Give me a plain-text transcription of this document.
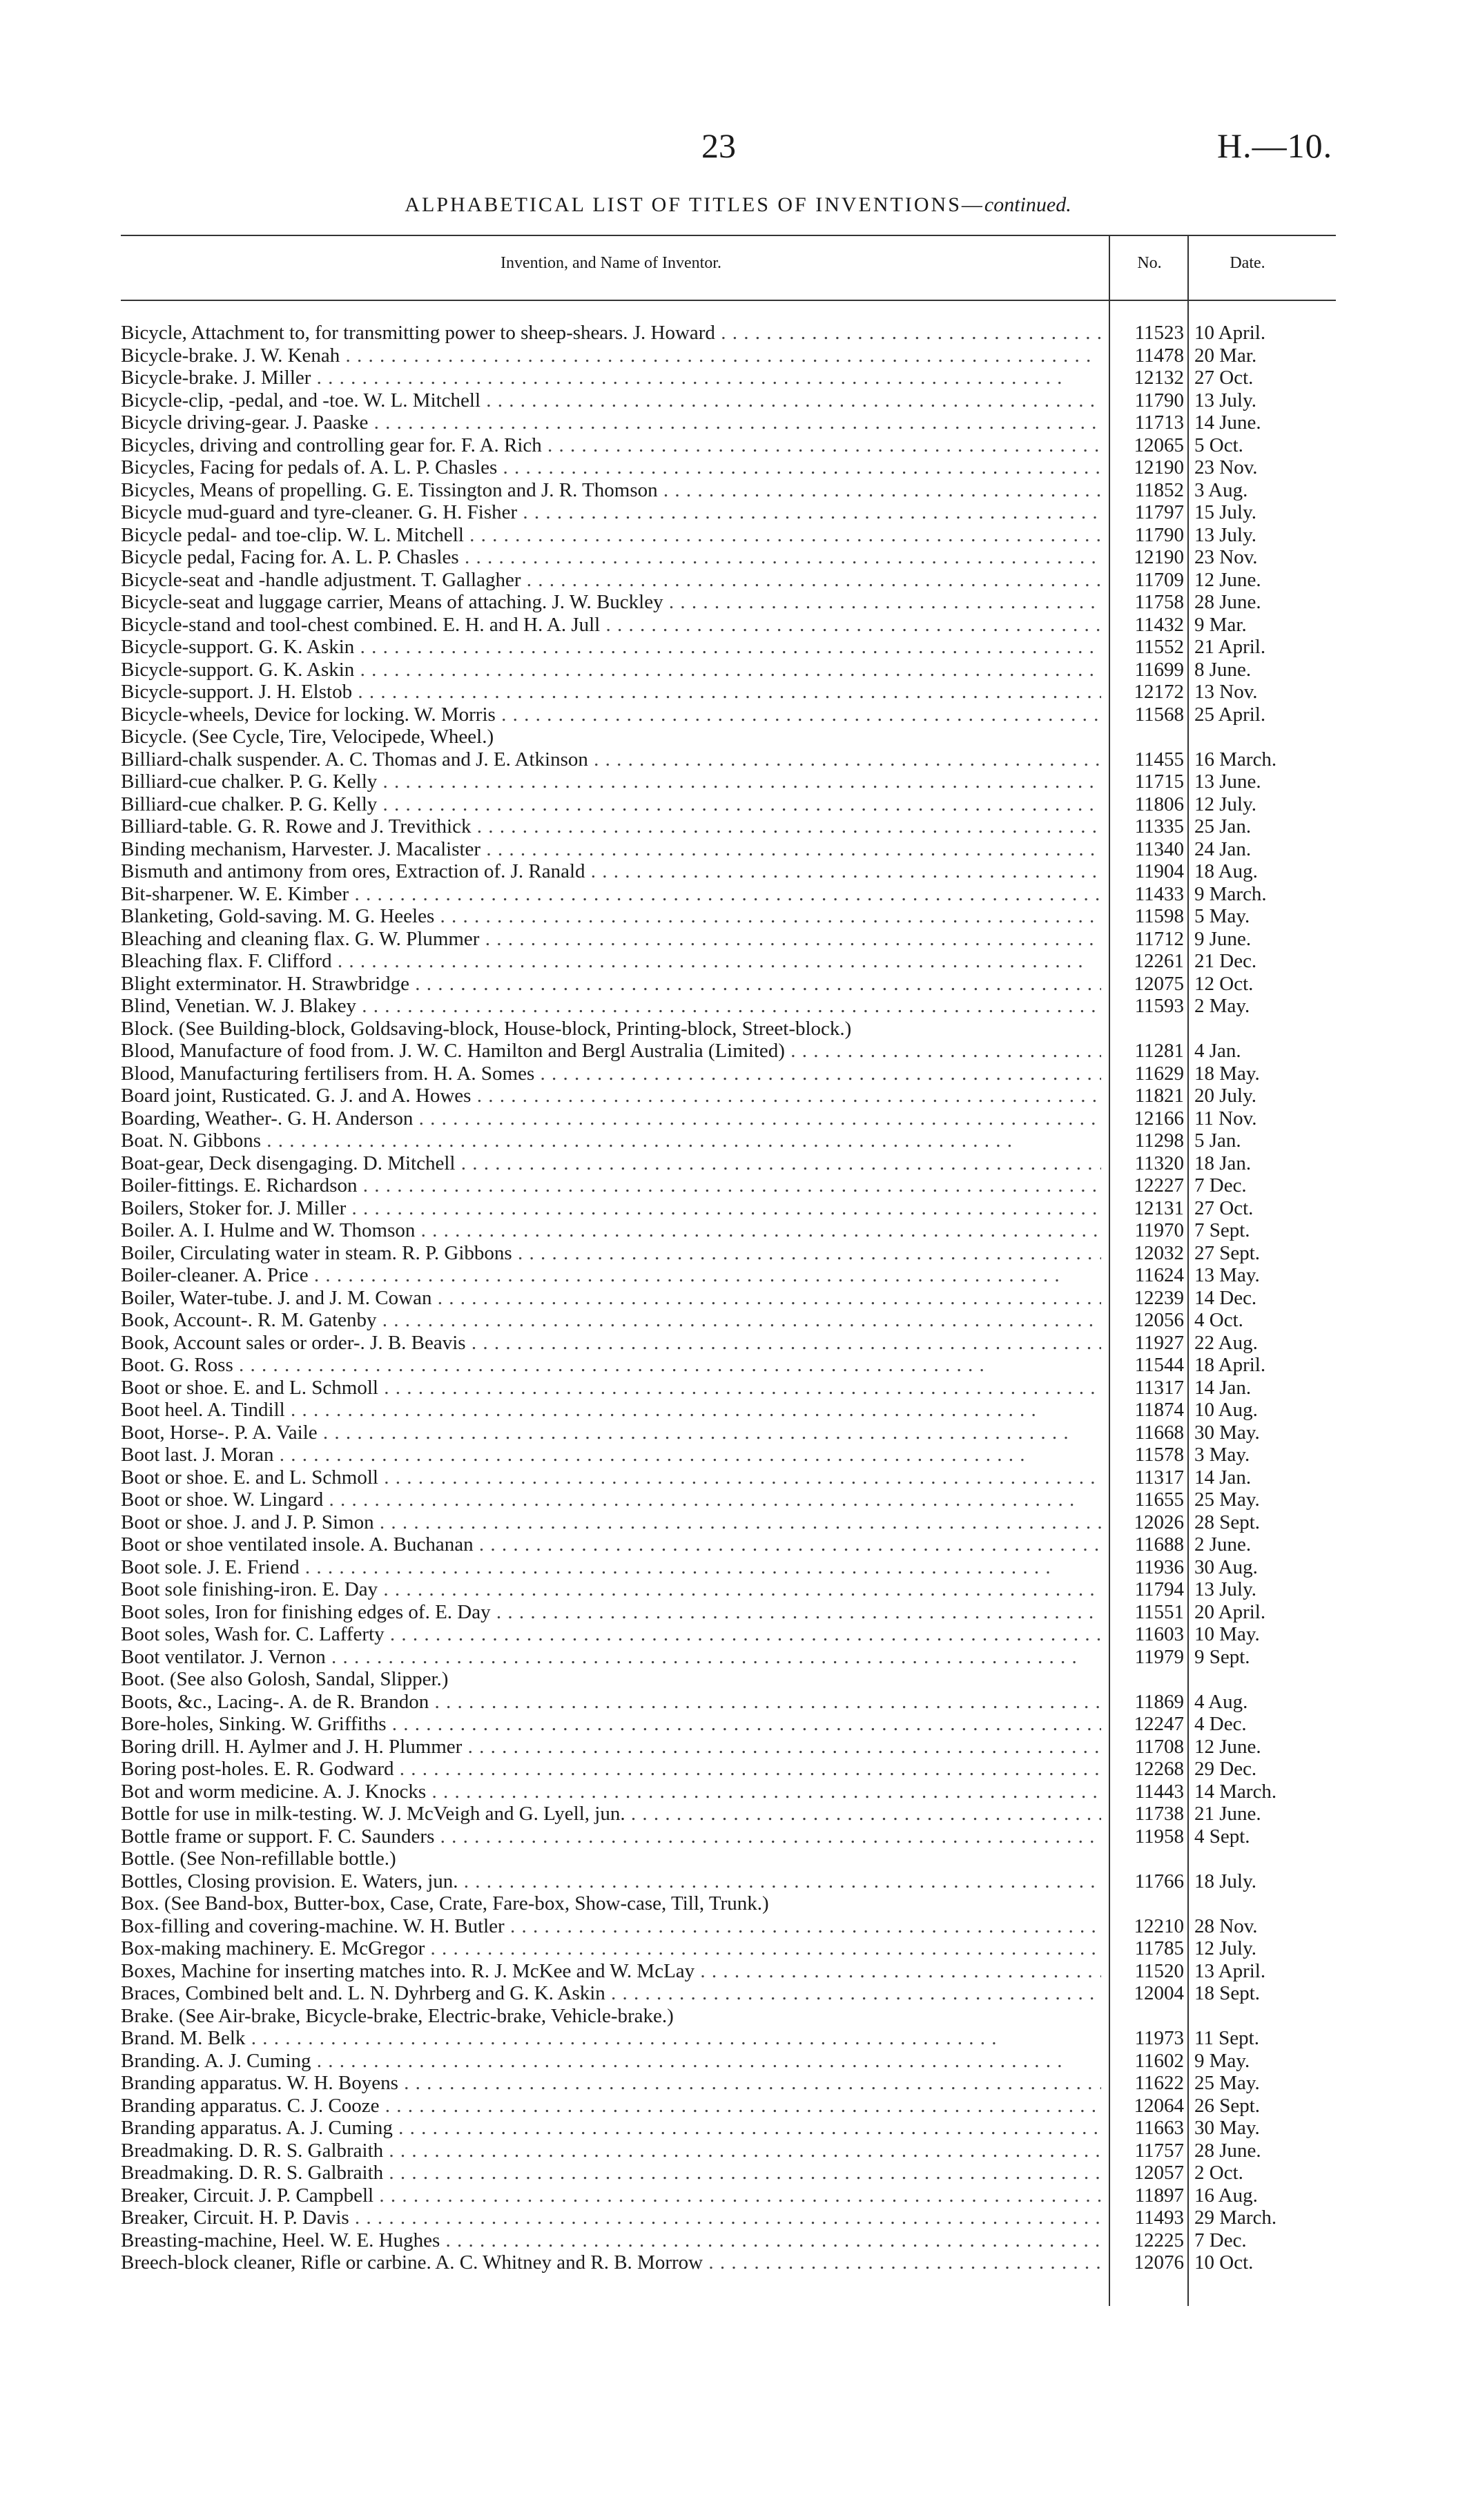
23	H.—10.
ALPHABETICAL LIST OF TITLES OF INVENTIONS—continued.
Invention, and Name of Inventor.	No.	Date.
Bicycle, Attachment to, for transmitting power to sheep-shears. J. Howard . .	11523 10 April.
Bicycle-brake. J. W. Kenah . .	11478 20 Mar.
Bicycle-brake. J. Miller . .	12132 27 Oct.
Bicycle-clip, -pedal, and -toe. W. L. Mitchell . .	11790 13 July.
Bicycle driving-gear. J. Paaske . .	11713 14 June.
Bicycles, driving and controlling gear for. F. A. Rich . .	12065 5 Oct.
Bicycles, Facing for pedals of. A. L. P. Chasles . .	12190 23 Nov.
Bicycles, Means of propelling. G. E. Tissington and J. R. Thomson . .	11852 3 Aug.
Bicycle mud-guard and tyre-cleaner. G. H. Fisher . .	11797 15 July.
Bicycle pedal- and toe-clip. W. L. Mitchell . .	11790 13 July.
Bicycle pedal, Facing for. A. L. P. Chasles . .	12190 23 Nov.
Bicycle-seat and -handle adjustment. T. Gallagher . .	11709 12 June.
Bicycle-seat and luggage carrier, Means of attaching. J. W. Buckley . .	11758 28 June.
Bicycle-stand and tool-chest combined. E. H. and H. A. Jull . .	11432 9 Mar.
Bicycle-support. G. K. Askin . .	11552 21 April.
Bicycle-support. G. K. Askin . .	11699 8 June.
Bicycle-support. J. H. Elstob . .	12172 13 Nov.
Bicycle-wheels, Device for locking. W. Morris . .	11568 25 April.
Bicycle. (See Cycle, Tire, Velocipede, Wheel.)
Billiard-chalk suspender. A. C. Thomas and J. E. Atkinson . .	11455 16 March.
Billiard-cue chalker. P. G. Kelly . .	11715 13 June.
Billiard-cue chalker. P. G. Kelly . .	11806 12 July.
Billiard-table. G. R. Rowe and J. Trevithick . .	11335 25 Jan.
Binding mechanism, Harvester. J. Macalister . .	11340 24 Jan.
Bismuth and antimony from ores, Extraction of. J. Ranald . .	11904 18 Aug.
Bit-sharpener. W. E. Kimber . .	11433 9 March.
Blanketing, Gold-saving. M. G. Heeles . .	11598 5 May.
Bleaching and cleaning flax. G. W. Plummer . .	11712 9 June.
Bleaching flax. F. Clifford . .	12261 21 Dec.
Blight exterminator. H. Strawbridge . .	12075 12 Oct.
Blind, Venetian. W. J. Blakey . .	11593 2 May.
Block. (See Building-block, Goldsaving-block, House-block, Printing-block, Street-block.)
Blood, Manufacture of food from. J. W. C. Hamilton and Bergl Australia (Limited) . .	11281 4 Jan.
Blood, Manufacturing fertilisers from. H. A. Somes . .	11629 18 May.
Board joint, Rusticated. G. J. and A. Howes . .	11821 20 July.
Boarding, Weather-. G. H. Anderson . .	12166 11 Nov.
Boat. N. Gibbons . .	11298 5 Jan.
Boat-gear, Deck disengaging. D. Mitchell . .	11320 18 Jan.
Boiler-fittings. E. Richardson . .	12227 7 Dec.
Boilers, Stoker for. J. Miller . .	12131 27 Oct.
Boiler. A. I. Hulme and W. Thomson . .	11970 7 Sept.
Boiler, Circulating water in steam. R. P. Gibbons . .	12032 27 Sept.
Boiler-cleaner. A. Price . .	11624 13 May.
Boiler, Water-tube. J. and J. M. Cowan . .	12239 14 Dec.
Book, Account-. R. M. Gatenby . .	12056 4 Oct.
Book, Account sales or order-. J. B. Beavis . .	11927 22 Aug.
Boot. G. Ross . .	11544 18 April.
Boot or shoe. E. and L. Schmoll . .	11317 14 Jan.
Boot heel. A. Tindill . .	11874 10 Aug.
Boot, Horse-. P. A. Vaile . .	11668 30 May.
Boot last. J. Moran . .	11578 3 May.
Boot or shoe. E. and L. Schmoll . .	11317 14 Jan.
Boot or shoe. W. Lingard . .	11655 25 May.
Boot or shoe. J. and J. P. Simon . .	12026 28 Sept.
Boot or shoe ventilated insole. A. Buchanan . .	11688 2 June.
Boot sole. J. E. Friend . .	11936 30 Aug.
Boot sole finishing-iron. E. Day . .	11794 13 July.
Boot soles, Iron for finishing edges of. E. Day . .	11551 20 April.
Boot soles, Wash for. C. Lafferty . .	11603 10 May.
Boot ventilator. J. Vernon . .	11979 9 Sept.
Boot. (See also Golosh, Sandal, Slipper.)
Boots, &c., Lacing-. A. de R. Brandon . .	11869 4 Aug.
Bore-holes, Sinking. W. Griffiths . .	12247 4 Dec.
Boring drill. H. Aylmer and J. H. Plummer . .	11708 12 June.
Boring post-holes. E. R. Godward . .	12268 29 Dec.
Bot and worm medicine. A. J. Knocks . .	11443 14 March.
Bottle for use in milk-testing. W. J. McVeigh and G. Lyell, jun. . .	11738 21 June.
Bottle frame or support. F. C. Saunders . .	11958 4 Sept.
Bottle. (See Non-refillable bottle.)
Bottles, Closing provision. E. Waters, jun. . .	11766 18 July.
Box. (See Band-box, Butter-box, Case, Crate, Fare-box, Show-case, Till, Trunk.)
Box-filling and covering-machine. W. H. Butler . .	12210 28 Nov.
Box-making machinery. E. McGregor . .	11785 12 July.
Boxes, Machine for inserting matches into. R. J. McKee and W. McLay . .	11520 13 April.
Braces, Combined belt and. L. N. Dyhrberg and G. K. Askin . .	12004 18 Sept.
Brake. (See Air-brake, Bicycle-brake, Electric-brake, Vehicle-brake.)
Brand. M. Belk . .	11973 11 Sept.
Branding. A. J. Cuming . .	11602 9 May.
Branding apparatus. W. H. Boyens . .	11622 25 May.
Branding apparatus. C. J. Cooze . .	12064 26 Sept.
Branding apparatus. A. J. Cuming . .	11663 30 May.
Breadmaking. D. R. S. Galbraith . .	11757 28 June.
Breadmaking. D. R. S. Galbraith . .	12057 2 Oct.
Breaker, Circuit. J. P. Campbell . .	11897 16 Aug.
Breaker, Circuit. H. P. Davis . .	11493 29 March.
Breasting-machine, Heel. W. E. Hughes . .	12225 7 Dec.
Breech-block cleaner, Rifle or carbine. A. C. Whitney and R. B. Morrow . .	12076 10 Oct.
